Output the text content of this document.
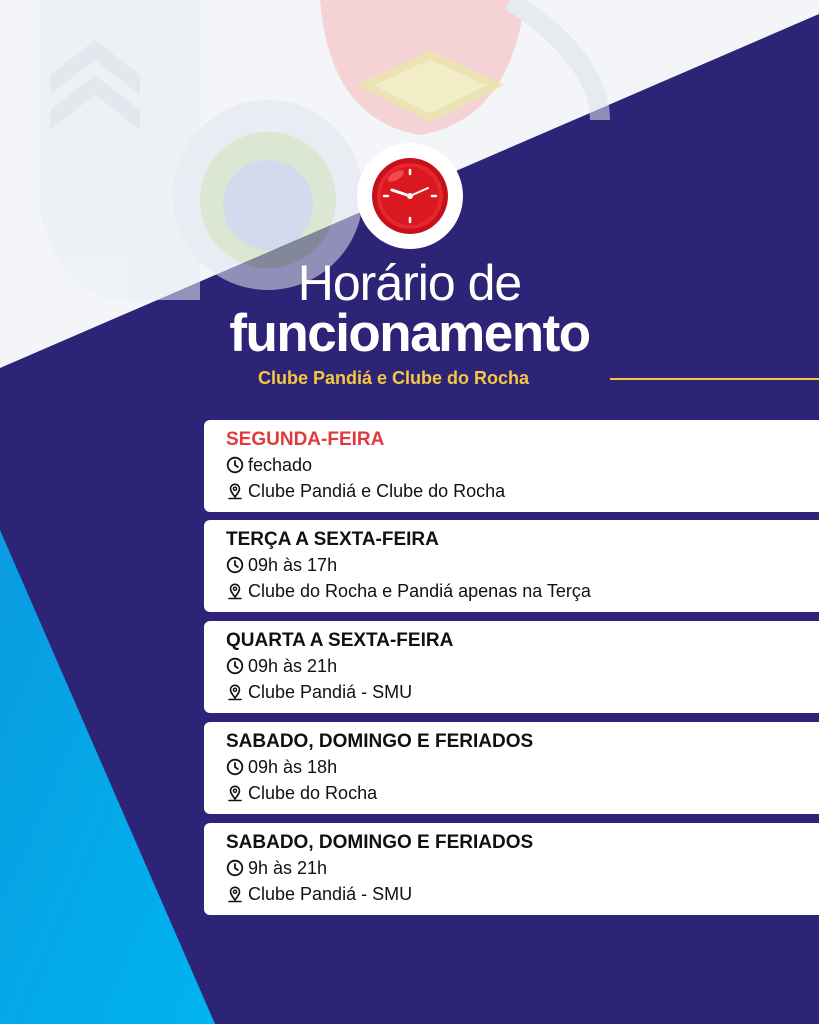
Horário de
funcionamento
Clube Pandiá e Clube do Rocha
SEGUNDA-FEIRA
fechado
Clube Pandiá e Clube do Rocha
TERÇA A SEXTA-FEIRA
09h às 17h
Clube do Rocha e Pandiá apenas na Terça
QUARTA A SEXTA-FEIRA
09h às 21h
Clube Pandiá - SMU
SABADO, DOMINGO E FERIADOS
09h às 18h
Clube do Rocha
SABADO, DOMINGO E FERIADOS
9h às 21h
Clube Pandiá - SMU
